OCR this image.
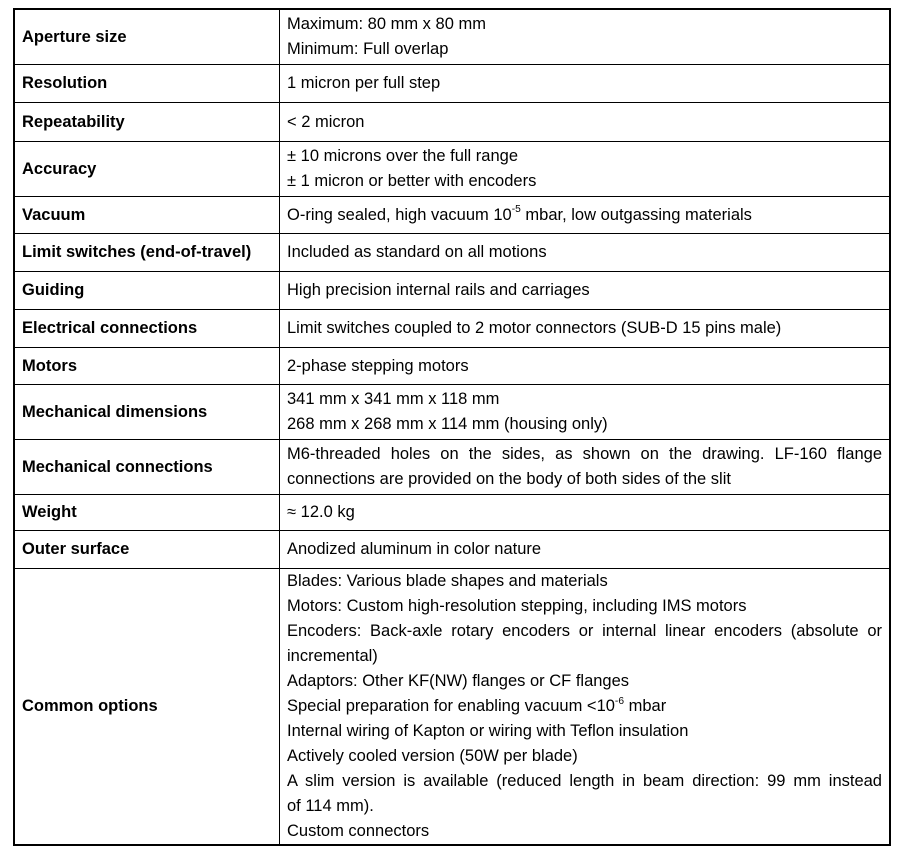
Aperture size	Maximum: 80 mm x 80 mm
Minimum: Full overlap

Resolution	1 micron per full step

Repeatability	< 2 micron

Accuracy	± 10 microns over the full range
± 1 micron or better with encoders

Vacuum	O-ring sealed, high vacuum $10^{-5}$ mbar, low outgassing materials

Limit switches (end-of-travel)	Included as standard on all motions

Guiding	High precision internal rails and carriages

Electrical connections	Limit switches coupled to 2 motor connectors (SUB-D 15 pins male)

Motors	2-phase stepping motors

Mechanical dimensions	341 mm x 341 mm x 118 mm
268 mm x 268 mm x 114 mm (housing only)

Mechanical connections	M6-threaded holes on the sides, as shown on the drawing. LF-160 flange
connections are provided on the body of both sides of the slit

Weight	≈ 12.0 kg

Outer surface	Anodized aluminum in color nature

Common options	
Blades: Various blade shapes and materials
Motors: Custom high-resolution stepping, including IMS motors
Encoders: Back-axle rotary encoders or internal linear encoders (absolute or
incremental)
Adaptors: Other KF(NW) flanges or CF flanges
Special preparation for enabling vacuum $<10^{-6}$ mbar
Internal wiring of Kapton or wiring with Teflon insulation
Actively cooled version (50W per blade)
A slim version is available (reduced length in beam direction: 99 mm instead
of 114 mm).
Custom connectors
